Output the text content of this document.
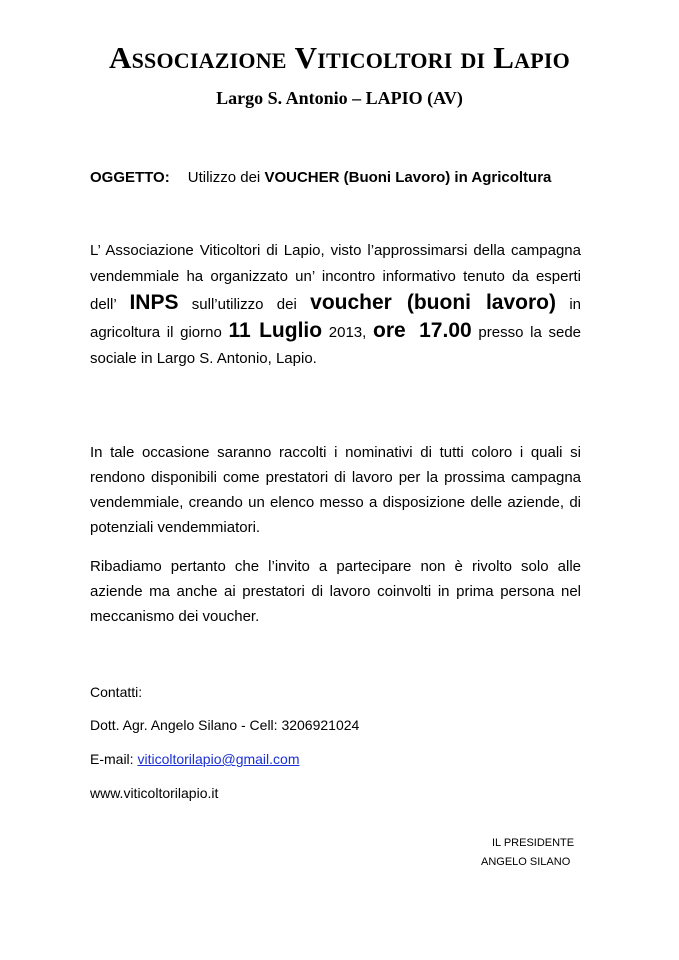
Associazione Viticoltori di Lapio
Largo S. Antonio – LAPIO (AV)
OGGETTO: Utilizzo dei VOUCHER (Buoni Lavoro) in Agricoltura
L’ Associazione Viticoltori di Lapio, visto l’approssimarsi della campagna vendemmiale ha organizzato un’ incontro informativo tenuto da esperti dell’ INPS sull’utilizzo dei voucher (buoni lavoro) in agricoltura il giorno 11 Luglio 2013, ore 17.00 presso la sede sociale in Largo S. Antonio, Lapio.
In tale occasione saranno raccolti i nominativi di tutti coloro i quali si rendono disponibili come prestatori di lavoro per la prossima campagna vendemmiale, creando un elenco messo a disposizione delle aziende, di potenziali vendemmiatori.
Ribadiamo pertanto che l’invito a partecipare non è rivolto solo alle aziende ma anche ai prestatori di lavoro coinvolti in prima persona nel meccanismo dei voucher.
Contatti:
Dott. Agr. Angelo Silano - Cell: 3206921024
E-mail: viticoltorilapio@gmail.com
www.viticoltorilapio.it
IL PRESIDENTE
ANGELO SILANO
